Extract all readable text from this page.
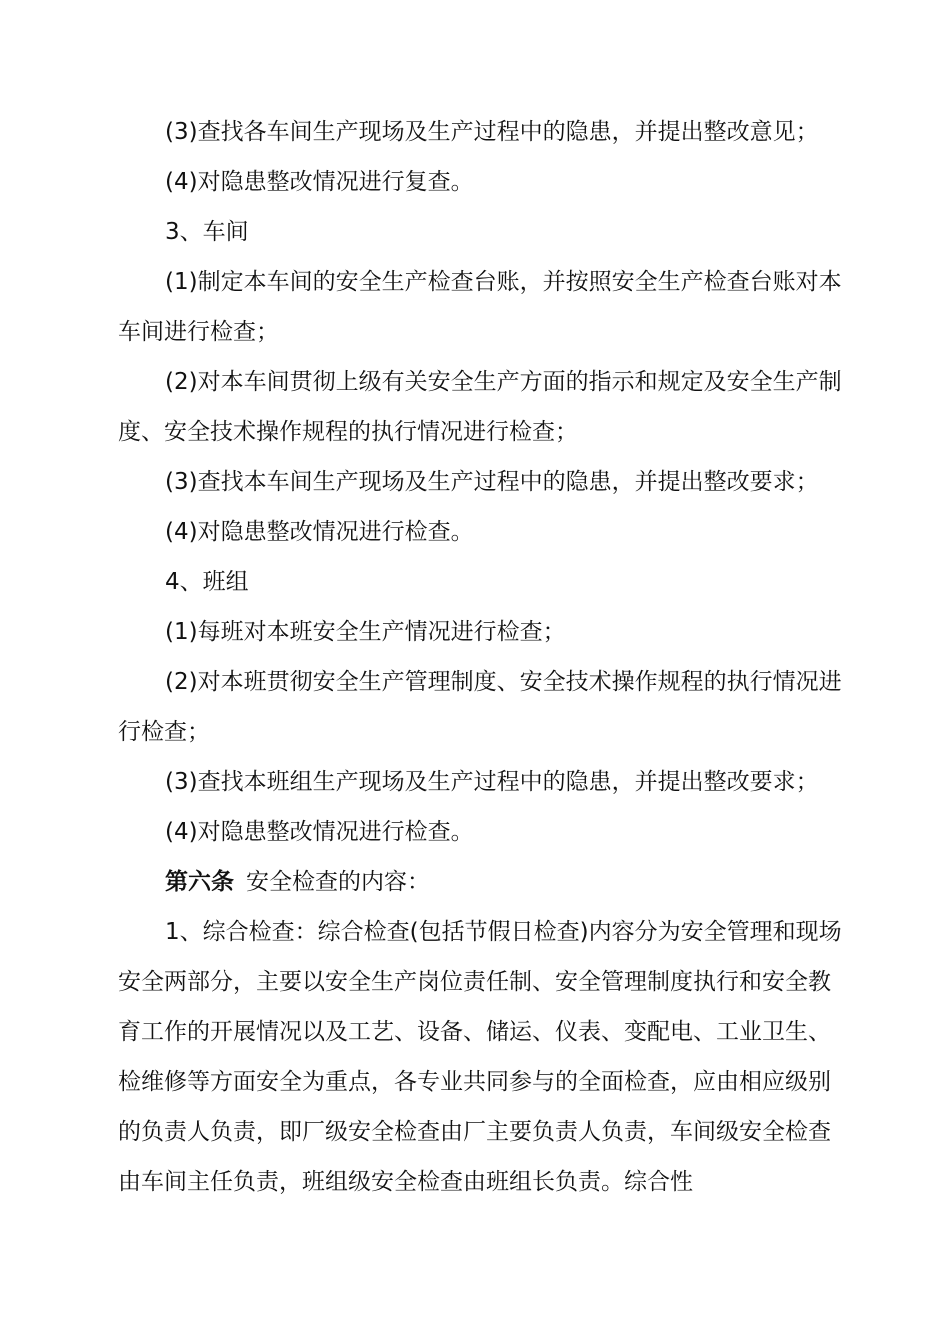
(3)查找各车间生产现场及生产过程中的隐患，并提出整改意见；

(4)对隐患整改情况进行复查。

3、车间

(1)制定本车间的安全生产检查台账，并按照安全生产检查台账对本车间进行检查；

(2)对本车间贯彻上级有关安全生产方面的指示和规定及安全生产制度、安全技术操作规程的执行情况进行检查；

(3)查找本车间生产现场及生产过程中的隐患，并提出整改要求；

(4)对隐患整改情况进行检查。

4、班组

(1)每班对本班安全生产情况进行检查；

(2)对本班贯彻安全生产管理制度、安全技术操作规程的执行情况进行检查；

(3)查找本班组生产现场及生产过程中的隐患，并提出整改要求；

(4)对隐患整改情况进行检查。

第六条 安全检查的内容：

1、综合检查：综合检查(包括节假日检查)内容分为安全管理和现场安全两部分，主要以安全生产岗位责任制、安全管理制度执行和安全教育工作的开展情况以及工艺、设备、储运、仪表、变配电、工业卫生、检维修等方面安全为重点，各专业共同参与的全面检查，应由相应级别的负责人负责，即厂级安全检查由厂主要负责人负责，车间级安全检查由车间主任负责，班组级安全检查由班组长负责。综合性
